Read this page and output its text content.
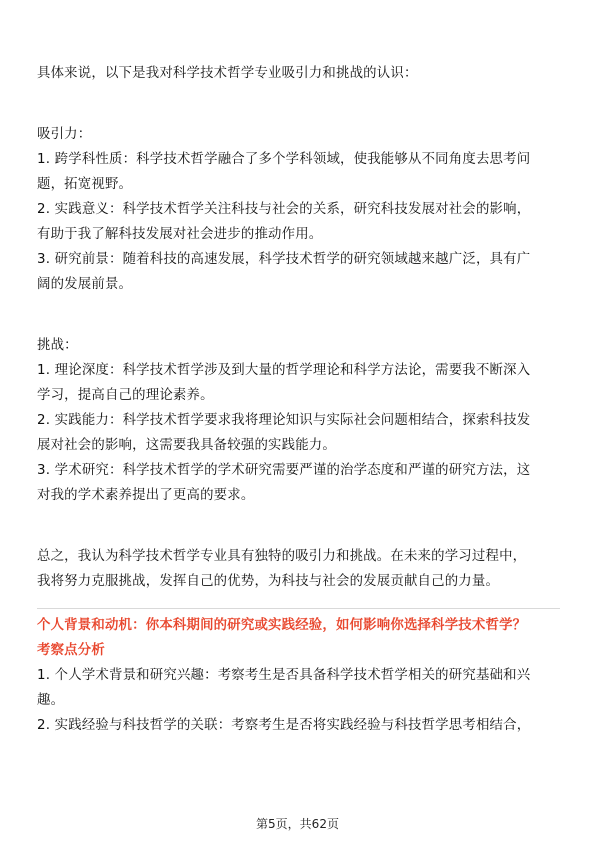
具体来说，以下是我对科学技术哲学专业吸引力和挑战的认识：

吸引力：

1. 跨学科性质：科学技术哲学融合了多个学科领域，使我能够从不同角度去思考问

题，拓宽视野。

2. 实践意义：科学技术哲学关注科技与社会的关系，研究科技发展对社会的影响，

有助于我了解科技发展对社会进步的推动作用。

3. 研究前景：随着科技的高速发展，科学技术哲学的研究领域越来越广泛，具有广

阔的发展前景。

挑战：

1. 理论深度：科学技术哲学涉及到大量的哲学理论和科学方法论，需要我不断深入

学习，提高自己的理论素养。

2. 实践能力：科学技术哲学要求我将理论知识与实际社会问题相结合，探索科技发

展对社会的影响，这需要我具备较强的实践能力。

3. 学术研究：科学技术哲学的学术研究需要严谨的治学态度和严谨的研究方法，这

对我的学术素养提出了更高的要求。

总之，我认为科学技术哲学专业具有独特的吸引力和挑战。在未来的学习过程中，

我将努力克服挑战，发挥自己的优势，为科技与社会的发展贡献自己的力量。

个人背景和动机：你本科期间的研究或实践经验，如何影响你选择科学技术哲学？

考察点分析

1. 个人学术背景和研究兴趣：考察考生是否具备科学技术哲学相关的研究基础和兴

趣。

2. 实践经验与科技哲学的关联：考察考生是否将实践经验与科技哲学思考相结合，

第5页，共62页
